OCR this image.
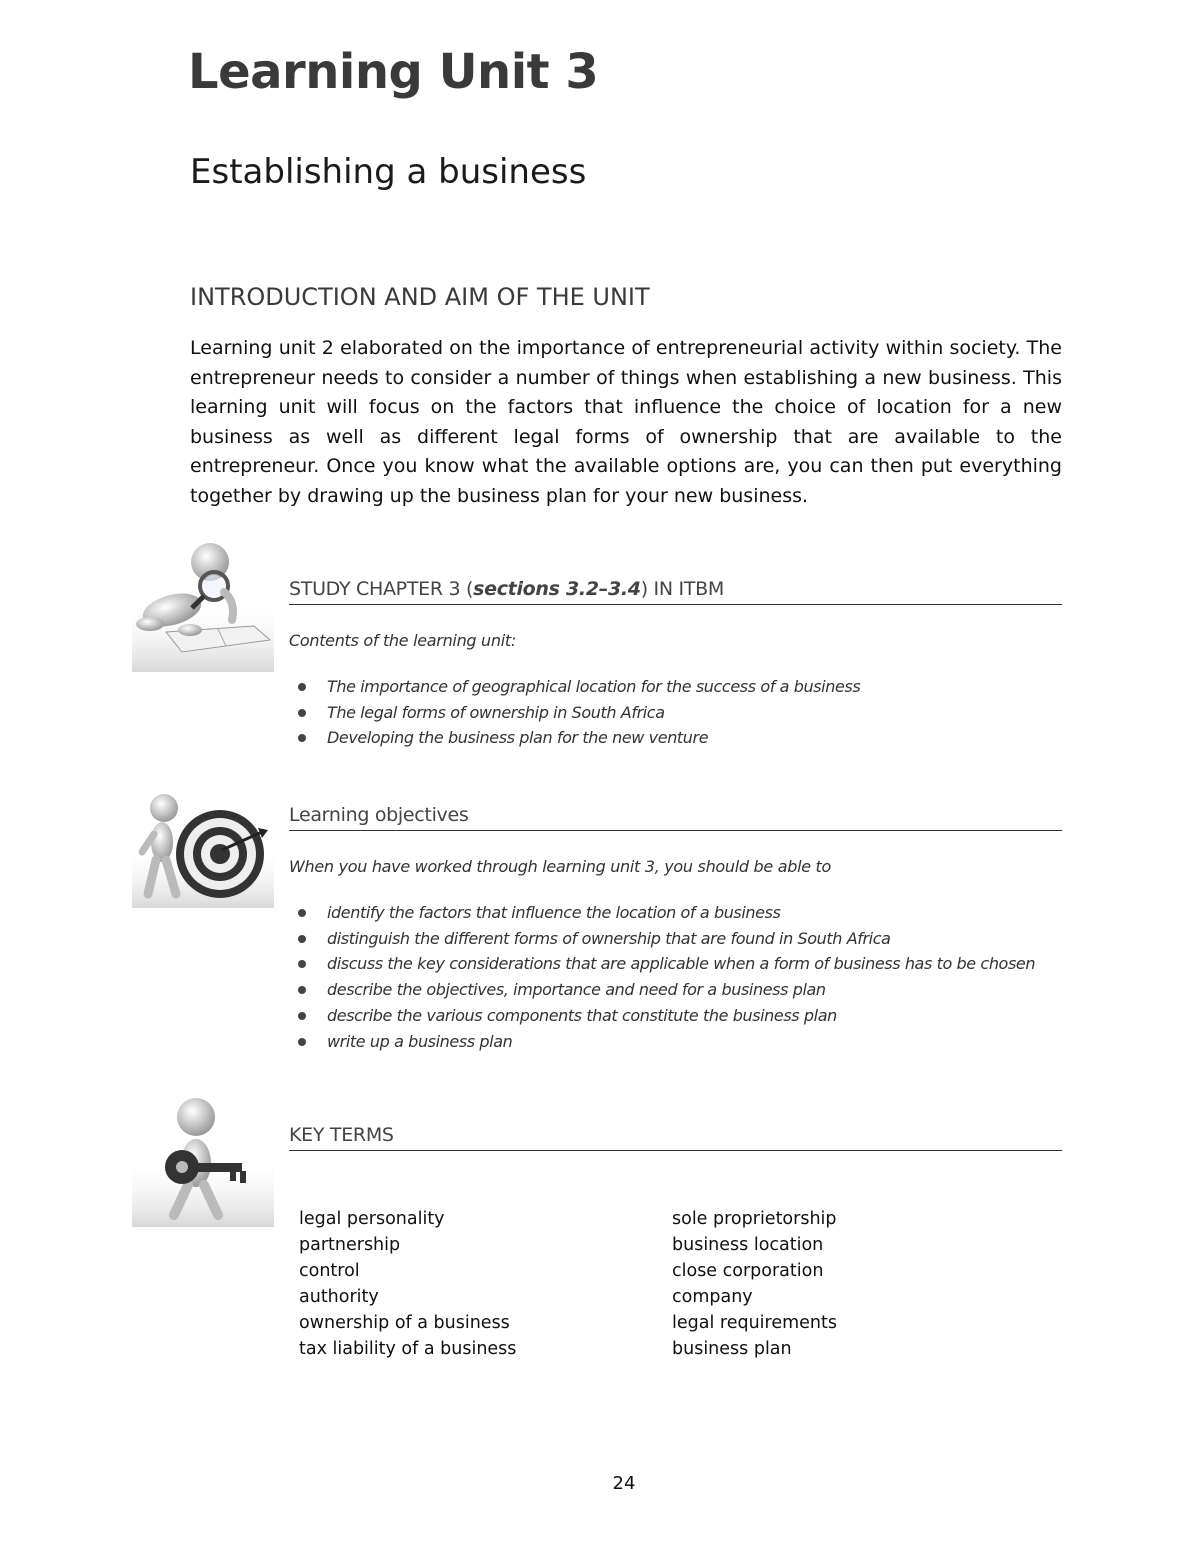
Learning Unit 3
Establishing a business
INTRODUCTION AND AIM OF THE UNIT

Learning unit 2 elaborated on the importance of entrepreneurial activity within society. The entrepreneur needs to consider a number of things when establishing a new business. This learning unit will focus on the factors that influence the choice of location for a new business as well as different legal forms of ownership that are available to the entrepreneur. Once you know what the available options are, you can then put everything together by drawing up the business plan for your new business.

STUDY CHAPTER 3 (sections 3.2–3.4) IN ITBM

Contents of the learning unit:

The importance of geographical location for the success of a business
The legal forms of ownership in South Africa
Developing the business plan for the new venture
Learning objectives

When you have worked through learning unit 3, you should be able to

identify the factors that influence the location of a business
distinguish the different forms of ownership that are found in South Africa
discuss the key considerations that are applicable when a form of business has to be chosen
describe the objectives, importance and need for a business plan
describe the various components that constitute the business plan
write up a business plan
KEY TERMS
legal personality
partnership
control
authority
ownership of a business
tax liability of a business
sole proprietorship
business location
close corporation
company
legal requirements
business plan
24
